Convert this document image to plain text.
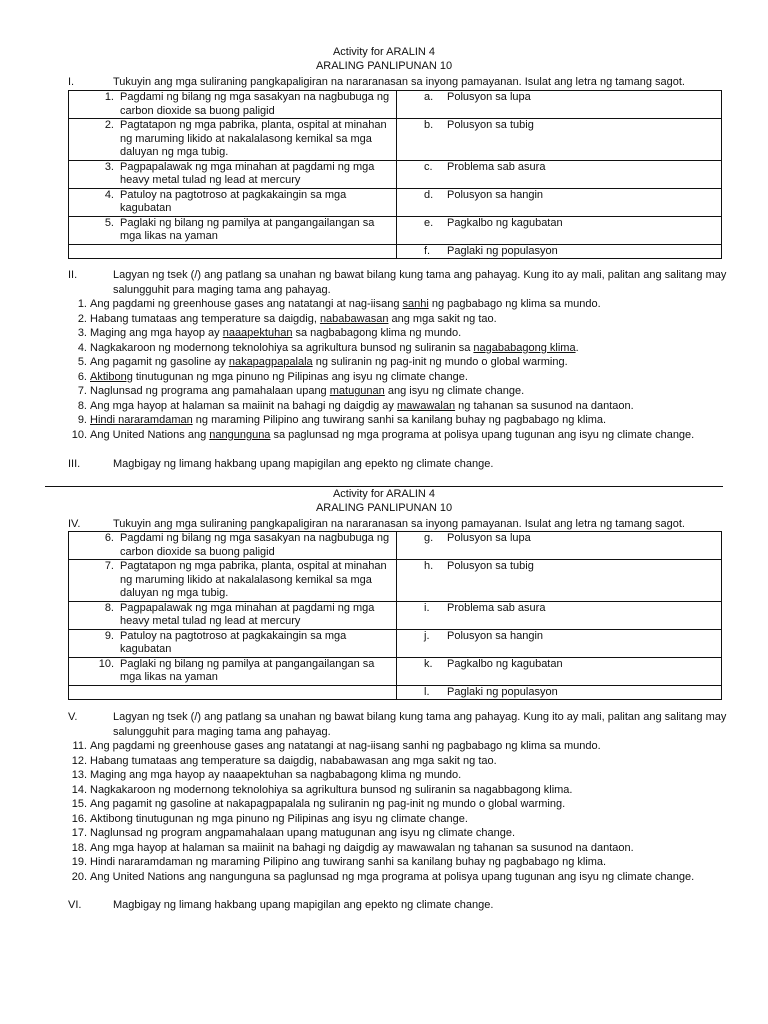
Activity for ARALIN 4
ARALING PANLIPUNAN 10
I.	Tukuyin ang mga suliraning pangkapaligiran na nararanasan sa inyong pamayanan. Isulat ang letra ng tamang sagot.
1. Pagdami ng bilang ng mga sasakyan na nagbubuga ng carbon dioxide sa buong paligid	a. Polusyon sa lupa

2. Pagtatapon ng mga pabrika, planta, ospital at minahan ng maruming likido at nakalalasong kemikal sa mga daluyan ng mga tubig.	b. Polusyon sa tubig

3. Pagpapalawak ng mga minahan at pagdami ng mga heavy metal tulad ng lead at mercury	c. Problema sab asura

4. Patuloy na pagtotroso at pagkakaingin sa mga kagubatan	d. Polusyon sa hangin

5. Paglaki ng bilang ng pamilya at pangangailangan sa mga likas na yaman	e. Pagkalbo ng kagubatan

	f. Paglaki ng populasyon
II.	Lagyan ng tsek (/) ang patlang sa unahan ng bawat bilang kung tama ang pahayag. Kung ito ay mali, palitan ang salitang may salungguhit para maging tama ang pahayag.
1. Ang pagdami ng greenhouse gases ang natatangi at nag-iisang sanhi ng pagbabago ng klima sa mundo.
2. Habang tumataas ang temperature sa daigdig, nababawasan ang mga sakit ng tao.
3. Maging ang mga hayop ay naaapektuhan sa nagbabagong klima ng mundo.
4. Nagkakaroon ng modernong teknolohiya sa agrikultura bunsod ng suliranin sa nagababagong klima.
5. Ang pagamit ng gasoline ay nakapagpapalala ng suliranin ng pag-init ng mundo o global warming.
6. Aktibong tinutugunan ng mga pinuno ng Pilipinas ang isyu ng climate change.
7. Naglunsad ng programa ang pamahalaan upang matugunan ang isyu ng climate change.
8. Ang mga hayop at halaman sa maiinit na bahagi ng daigdig ay mawawalan ng tahanan sa susunod na dantaon.
9. Hindi nararamdaman ng maraming Pilipino ang tuwirang sanhi sa kanilang buhay ng pagbabago ng klima.
10. Ang United Nations ang nangunguna sa paglunsad ng mga programa at polisya upang tugunan ang isyu ng climate change.
III.	Magbigay ng limang hakbang upang mapigilan ang epekto ng climate change.
Activity for ARALIN 4
ARALING PANLIPUNAN 10
IV.	Tukuyin ang mga suliraning pangkapaligiran na nararanasan sa inyong pamayanan. Isulat ang letra ng tamang sagot.
6. Pagdami ng bilang ng mga sasakyan na nagbubuga ng carbon dioxide sa buong paligid	g. Polusyon sa lupa

7. Pagtatapon ng mga pabrika, planta, ospital at minahan ng maruming likido at nakalalasong kemikal sa mga daluyan ng mga tubig.	h. Polusyon sa tubig

8. Pagpapalawak ng mga minahan at pagdami ng mga heavy metal tulad ng lead at mercury	i. Problema sab asura

9. Patuloy na pagtotroso at pagkakaingin sa mga kagubatan	j. Polusyon sa hangin

10. Paglaki ng bilang ng pamilya at pangangailangan sa mga likas na yaman	k. Pagkalbo ng kagubatan

	l. Paglaki ng populasyon
V.	Lagyan ng tsek (/) ang patlang sa unahan ng bawat bilang kung tama ang pahayag. Kung ito ay mali, palitan ang salitang may salungguhit para maging tama ang pahayag.
11. Ang pagdami ng greenhouse gases ang natatangi at nag-iisang sanhi ng pagbabago ng klima sa mundo.
12. Habang tumataas ang temperature sa daigdig, nababawasan ang mga sakit ng tao.
13. Maging ang mga hayop ay naaapektuhan sa nagbabagong klima ng mundo.
14. Nagkakaroon ng modernong teknolohiya sa agrikultura bunsod ng suliranin sa nagabbagong klima.
15. Ang pagamit ng gasoline at nakapagpapalala ng suliranin ng pag-init ng mundo o global warming.
16. Aktibong tinutugunan ng mga pinuno ng Pilipinas ang isyu ng climate change.
17. Naglunsad ng program angpamahalaan upang matugunan ang isyu ng climate change.
18. Ang mga hayop at halaman sa maiinit na bahagi ng daigdig ay mawawalan ng tahanan sa susunod na dantaon.
19. Hindi nararamdaman ng maraming Pilipino ang tuwirang sanhi sa kanilang buhay ng pagbabago ng klima.
20. Ang United Nations ang nangunguna sa paglunsad ng mga programa at polisya upang tugunan ang isyu ng climate change.
VI.	Magbigay ng limang hakbang upang mapigilan ang epekto ng climate change.
